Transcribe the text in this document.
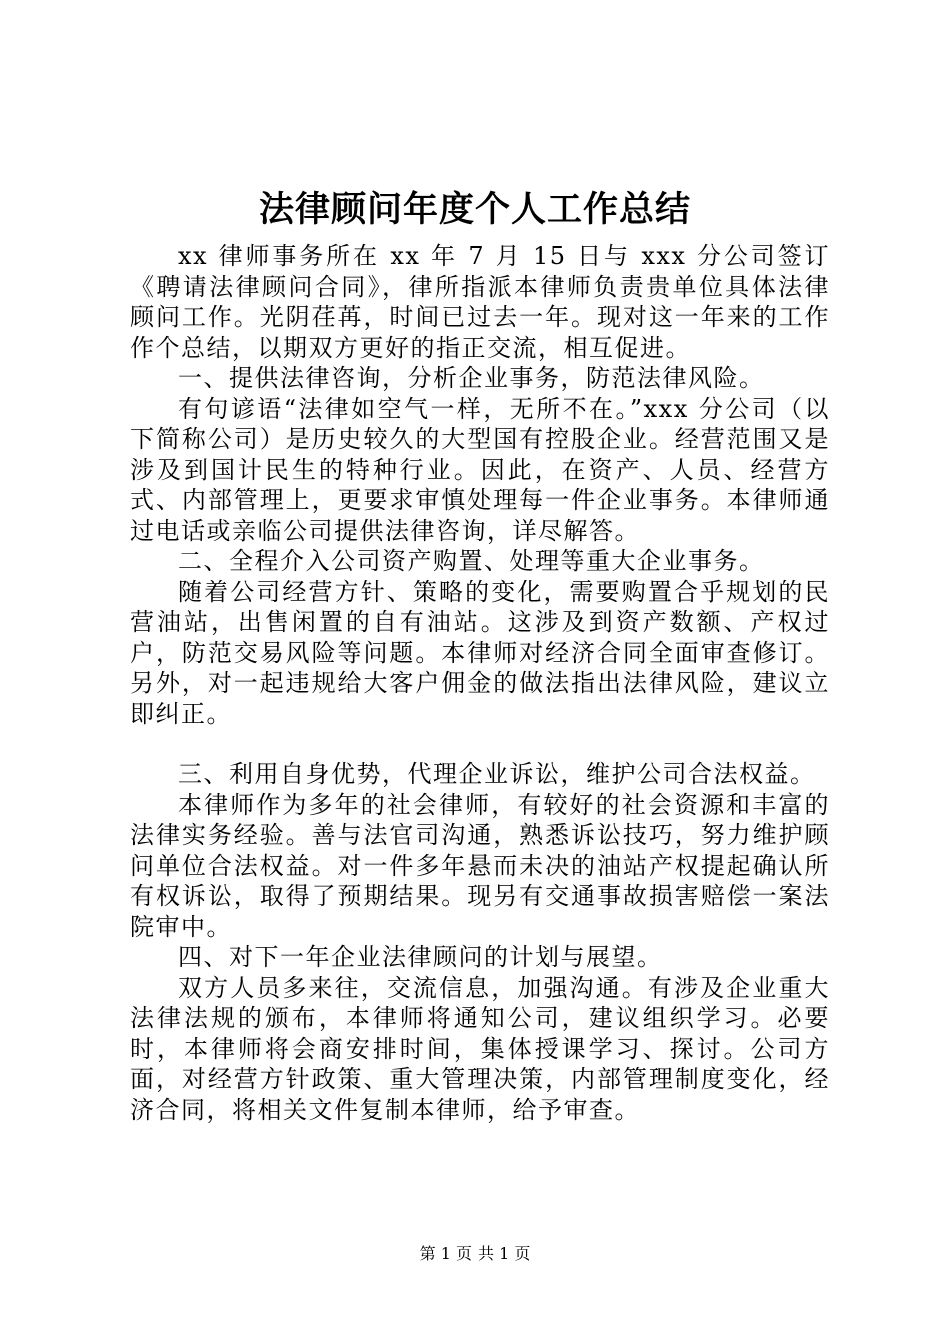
法律顾问年度个人工作总结

xx 律师事务所在 xx 年 7 月 15 日与 xxx 分公司签订《聘请法律顾问合同》，律所指派本律师负责贵单位具体法律顾问工作。光阴荏苒，时间已过去一年。现对这一年来的工作作个总结，以期双方更好的指正交流，相互促进。

一、提供法律咨询，分析企业事务，防范法律风险。

有句谚语“法律如空气一样，无所不在。”xxx 分公司（以下简称公司）是历史较久的大型国有控股企业。经营范围又是涉及到国计民生的特种行业。因此，在资产、人员、经营方式、内部管理上，更要求审慎处理每一件企业事务。本律师通过电话或亲临公司提供法律咨询，详尽解答。

二、全程介入公司资产购置、处理等重大企业事务。

随着公司经营方针、策略的变化，需要购置合乎规划的民营油站，出售闲置的自有油站。这涉及到资产数额、产权过户，防范交易风险等问题。本律师对经济合同全面审查修订。另外，对一起违规给大客户佣金的做法指出法律风险，建议立即纠正。

三、利用自身优势，代理企业诉讼，维护公司合法权益。

本律师作为多年的社会律师，有较好的社会资源和丰富的法律实务经验。善与法官司沟通，熟悉诉讼技巧，努力维护顾问单位合法权益。对一件多年悬而未决的油站产权提起确认所有权诉讼，取得了预期结果。现另有交通事故损害赔偿一案法院审中。

四、对下一年企业法律顾问的计划与展望。

双方人员多来往，交流信息，加强沟通。有涉及企业重大法律法规的颁布，本律师将通知公司，建议组织学习。必要时，本律师将会商安排时间，集体授课学习、探讨。公司方面，对经营方针政策、重大管理决策，内部管理制度变化，经济合同，将相关文件复制本律师，给予审查。

第 1 页 共 1 页
